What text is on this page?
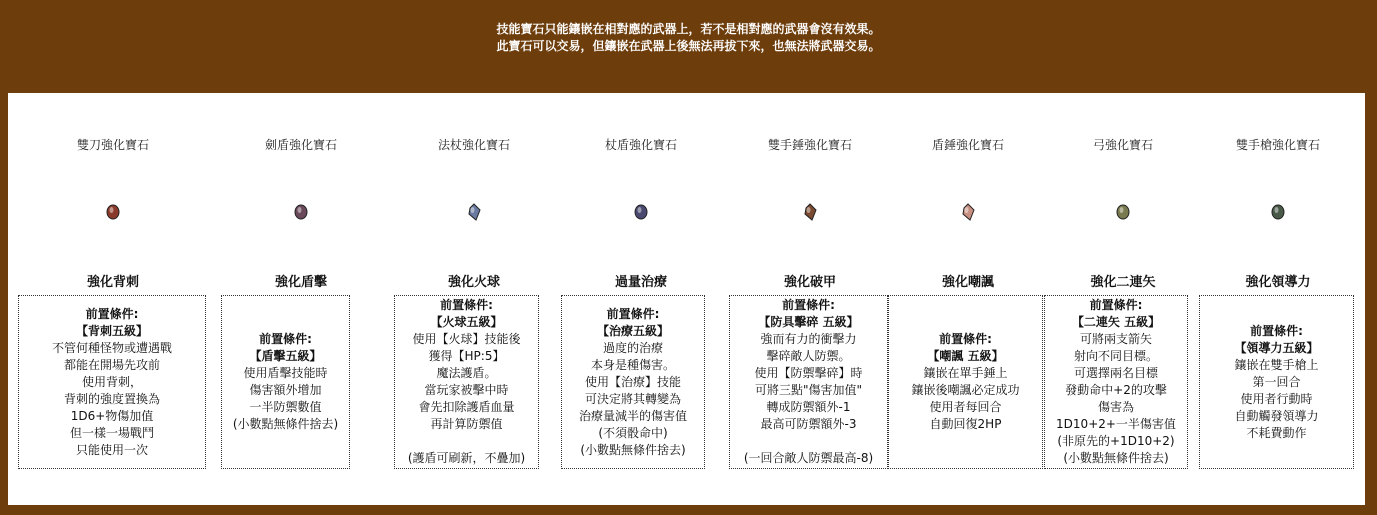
技能寶石只能鑲嵌在相對應的武器上，若不是相對應的武器會沒有效果。
此寶石可以交易，但鑲嵌在武器上後無法再拔下來，也無法將武器交易。
雙刀強化寶石
強化背刺
前置條件:
【背刺五級】
不管何種怪物或遭遇戰
都能在開場先攻前
使用背刺，
背刺的強度置換為
1D6+物傷加值
但一樣一場戰鬥
只能使用一次
劍盾強化寶石
強化盾擊
前置條件:
【盾擊五級】
使用盾擊技能時
傷害額外增加
一半防禦數值
(小數點無條件捨去)
法杖強化寶石
強化火球
前置條件:
【火球五級】
使用【火球】技能後
獲得【HP:5】
魔法護盾。
當玩家被擊中時
會先扣除護盾血量
再計算防禦值

(護盾可刷新，不疊加)
杖盾強化寶石
過量治療
前置條件:
【治療五級】
過度的治療
本身是種傷害。
使用【治療】技能
可決定將其轉變為
治療量減半的傷害值
(不須骰命中)
(小數點無條件捨去)
雙手錘強化寶石
強化破甲
前置條件:
【防具擊碎 五級】
強而有力的衝擊力
擊碎敵人防禦。
使用【防禦擊碎】時
可將三點"傷害加值"
轉成防禦額外-1
最高可防禦額外-3

(一回合敵人防禦最高-8)
盾錘強化寶石
強化嘲諷
前置條件:
【嘲諷 五級】
鑲嵌在單手錘上
鑲嵌後嘲諷必定成功
使用者每回合
自動回復2HP
弓強化寶石
強化二連矢
前置條件:
【二連矢 五級】
可將兩支箭矢
射向不同目標。
可選擇兩名目標
發動命中+2的攻擊
傷害為
1D10+2+一半傷害值
(非原先的+1D10+2)
(小數點無條件捨去)
雙手槍強化寶石
強化領導力
前置條件:
【領導力五級】
鑲嵌在雙手槍上
第一回合
使用者行動時
自動觸發領導力
不耗費動作
